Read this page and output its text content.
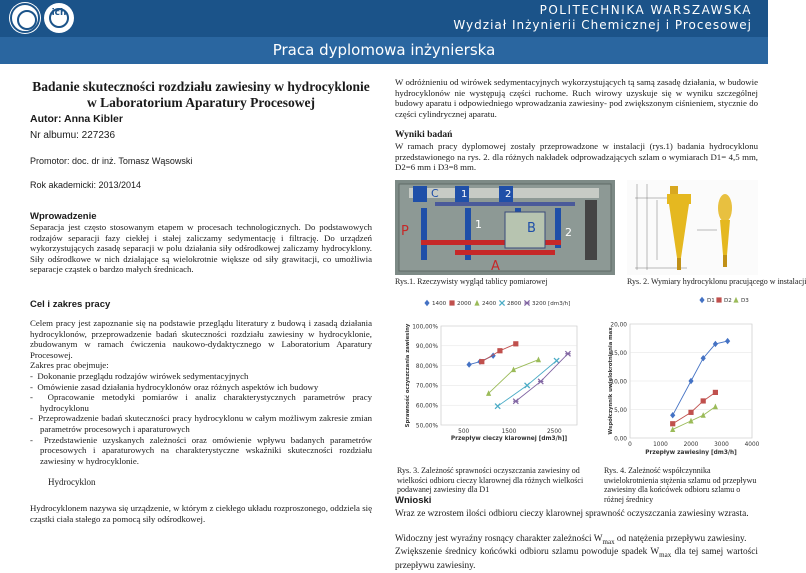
ich	POLITECHNIKA WARSZAWSKA
Wydział Inżynierii Chemicznej i Procesowej
Praca dyplomowa inżynierska
Badanie skuteczności rozdziału zawiesiny w hydrocyklonie w Laboratorium Aparatury Procesowej
Autor: Anna Kibler
Nr albumu: 227236
Promotor: doc. dr inż. Tomasz Wąsowski
Rok akademicki: 2013/2014
Wprowadzenie
Separacja jest często stosowanym etapem w procesach technologicznych. Do podstawowych rodzajów separacji fazy ciekłej i stałej zaliczamy sedymentację i filtrację. Do urządzeń wykorzystujących zasadę separacji w polu działania siły odśrodkowej zaliczamy hydrocyklony. Siły odśrodkowe w nich działające są wielokrotnie większe od siły grawitacji, co umożliwia separacje cząstek o bardzo małych średnicach.
Cel i zakres pracy
Celem pracy jest zapoznanie się na podstawie przeglądu literatury z budową i zasadą działania hydrocyklonów, przeprowadzenie badań skuteczności rozdziału zawiesiny w hydrocyklonie, zbudowanym w ramach ćwiczenia naukowo-dydaktycznego w Laboratorium Aparatury Procesowej.
Zakres prac obejmuje:
-  Dokonanie przeglądu rodzajów wirówek sedymentacyjnych
-  Omówienie zasad działania hydrocyklonów oraz różnych aspektów ich budowy
-  Opracowanie metodyki pomiarów i analiz charakterystycznych parametrów pracy hydrocyklonu
-  Przeprowadzenie badań skuteczności pracy hydrocyklonu w całym możliwym zakresie zmian parametrów procesowych i aparaturowych
-  Przedstawienie uzyskanych zależności oraz omówienie wpływu badanych parametrów procesowych i aparaturowych na charakterystyczne wskaźniki skuteczności rozdziału zawiesiny w hydrocyklonie.
Hydrocyklon
Hydrocyklonem nazywa się urządzenie, w którym z ciekłego układu rozproszonego, oddziela się cząstki ciała stałego za pomocą siły odśrodkowej.
W odróżnieniu od wirówek sedymentacyjnych wykorzystujących tą samą zasadę działania, w budowie hydrocyklonów nie występują części ruchome. Ruch wirowy uzyskuje się w wyniku szczególnej budowy aparatu i odpowiedniego wprowadzania zawiesiny- pod zwiększonym ciśnieniem, stycznie do części cylindrycznej aparatu.
Wyniki badań
W ramach pracy dyplomowej zostały przeprowadzone w instalacji (rys.1) badania hydrocyklonu przedstawionego na rys. 2. dla różnych nakładek odprowadzających szlam o wymiarach D1= 4,5 mm, D2=6 mm i D3=8 mm.
P
C 1	2
1	B	2
A
Rys.1. Rzeczywisty wygląd tablicy pomiarowej	Rys. 2. Wymiary hydrocyklonu pracującego w instalacji
50,00%
60,00%
70,00%
80,00%
90,00%
100,00%
500	1500	2500
Przepływ cieczy klarownej [dm3/h]]
Sprawność oczyszczania zawiesiny
1400 2000 2400 2800 3200 [dm3/h]
0,00
5,00
10,00
15,00
20,00
0	1000	2000	3000	4000
Przepływ zawiesiny [dm3/h]
Współczynnik uwielokrotnienia max
D1 D2 D3
Rys. 3. Zależność sprawności oczyszczania zawiesiny od wielkości odbioru cieczy klarownej dla różnych wielkości podawanej zawiesiny dla D1
Rys. 4. Zależność współczynnika uwielokrotnienia stężenia szlamu od przepływu zawiesiny dla końcówek odbioru szlamu o różnej średnicy
Wnioski
Wraz ze wzrostem ilości odbioru cieczy klarownej sprawność oczyszczania zawiesiny wzrasta.
Widoczny jest wyraźny rosnący charakter zależności $W_{max}$ od natężenia przepływu zawiesiny.
Zwiększenie średnicy końcówki odbioru szlamu powoduje spadek $W_{max}$ dla tej samej wartości przepływu zawiesiny.
